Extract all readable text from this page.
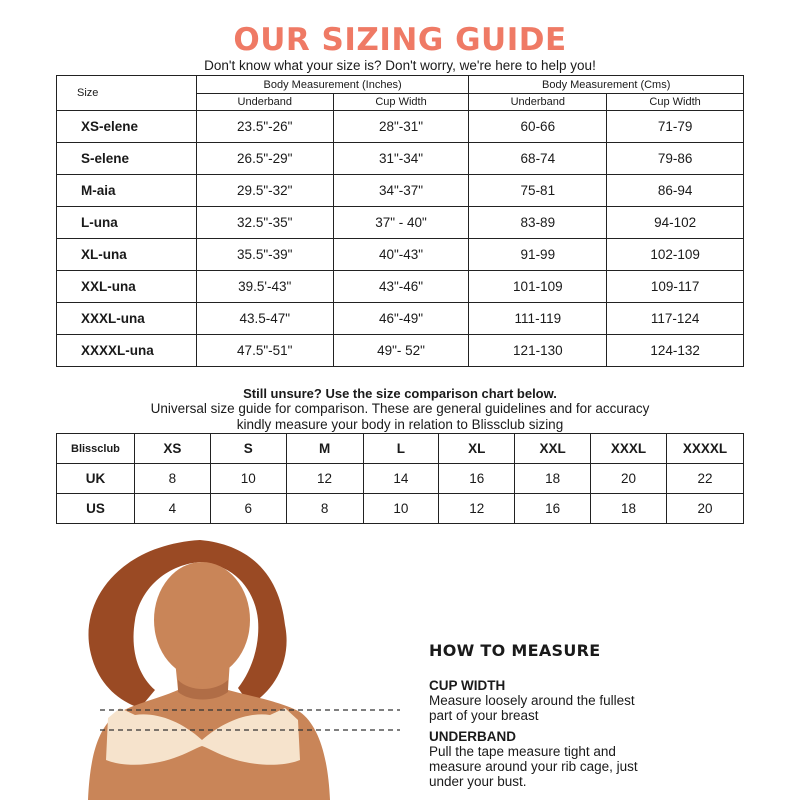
OUR SIZING GUIDE
Don't know what your size is? Don't worry, we're here to help you!
Size	Body Measurement (Inches)		Body Measurement (Cms)	
	Underband	Cup Width	Underband	Cup Width
XS-elene	23.5"-26"	28"-31"	60-66	71-79
S-elene	26.5"-29"	31"-34"	68-74	79-86
M-aia	29.5"-32"	34"-37"	75-81	86-94
L-una	32.5"-35"	37" - 40"	83-89	94-102
XL-una	35.5"-39"	40"-43"	91-99	102-109
XXL-una	39.5'-43"	43"-46"	101-109	109-117
XXXL-una	43.5-47"	46"-49"	111-119	117-124
XXXXL-una	47.5"-51"	49"- 52"	121-130	124-132
Still unsure? Use the size comparison chart below.
Universal size guide for comparison. These are general guidelines and for accuracy
kindly measure your body in relation to Blissclub sizing
Blissclub	XS	S	M	L	XL	XXL	XXXL	XXXXL
UK	8	10	12	14	16	18	20	22
US	4	6	8	10	12	16	18	20
HOW TO MEASURE
CUP WIDTH
Measure loosely around the fullest
part of your breast
UNDERBAND
Pull the tape measure tight and
measure around your rib cage, just
under your bust.
